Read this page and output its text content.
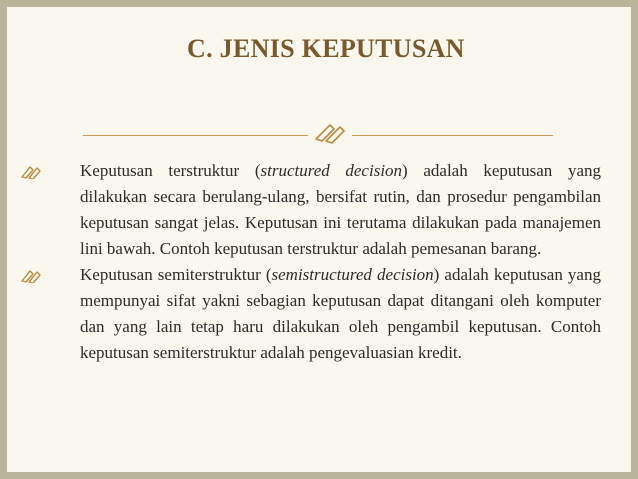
C. JENIS KEPUTUSAN
Keputusan terstruktur (structured decision) adalah keputusan yang dilakukan secara berulang-ulang, bersifat rutin, dan prosedur pengambilan keputusan sangat jelas. Keputusan ini terutama dilakukan pada manajemen lini bawah. Contoh keputusan terstruktur adalah pemesanan barang.
Keputusan semiterstruktur (semistructured decision) adalah keputusan yang mempunyai sifat yakni sebagian keputusan dapat ditangani oleh komputer dan yang lain tetap haru dilakukan oleh pengambil keputusan. Contoh keputusan semiterstruktur adalah pengevaluasian kredit.
